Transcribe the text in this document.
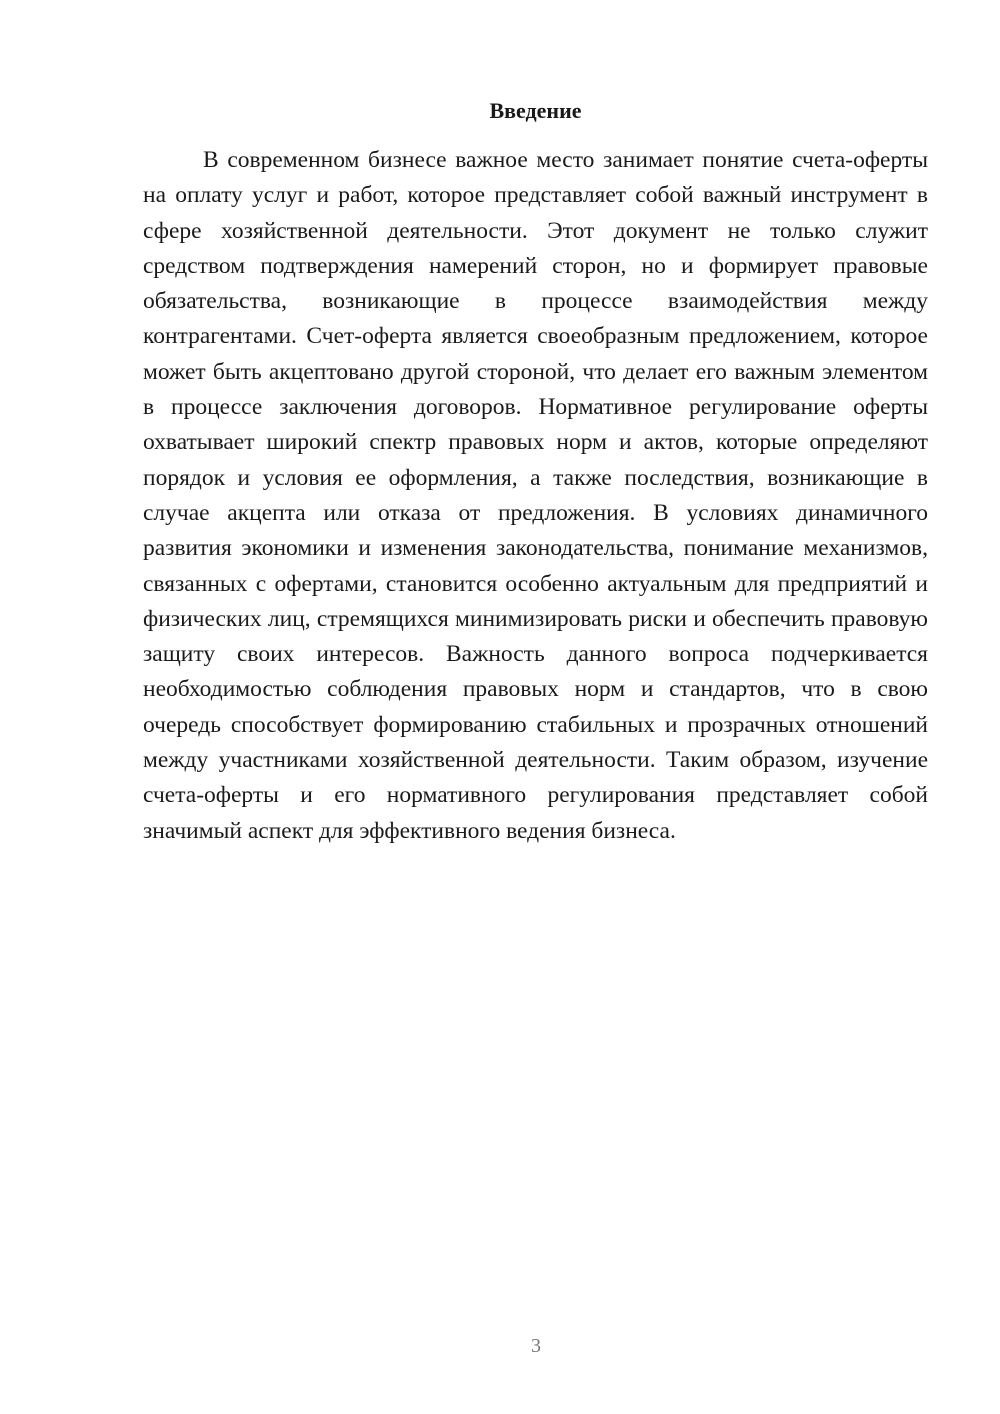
Введение

В современном бизнесе важное место занимает понятие счета-оферты на оплату услуг и работ, которое представляет собой важный инструмент в сфере хозяйственной деятельности. Этот документ не только служит средством подтверждения намерений сторон, но и формирует правовые обязательства, возникающие в процессе взаимодействия между контрагентами. Счет-оферта является своеобразным предложением, которое может быть акцептовано другой стороной, что делает его важным элементом в процессе заключения договоров. Нормативное регулирование оферты охватывает широкий спектр правовых норм и актов, которые определяют порядок и условия ее оформления, а также последствия, возникающие в случае акцепта или отказа от предложения. В условиях динамичного развития экономики и изменения законодательства, понимание механизмов, связанных с офертами, становится особенно актуальным для предприятий и физических лиц, стремящихся минимизировать риски и обеспечить правовую защиту своих интересов. Важность данного вопроса подчеркивается необходимостью соблюдения правовых норм и стандартов, что в свою очередь способствует формированию стабильных и прозрачных отношений между участниками хозяйственной деятельности. Таким образом, изучение счета-оферты и его нормативного регулирования представляет собой значимый аспект для эффективного ведения бизнеса.

3
